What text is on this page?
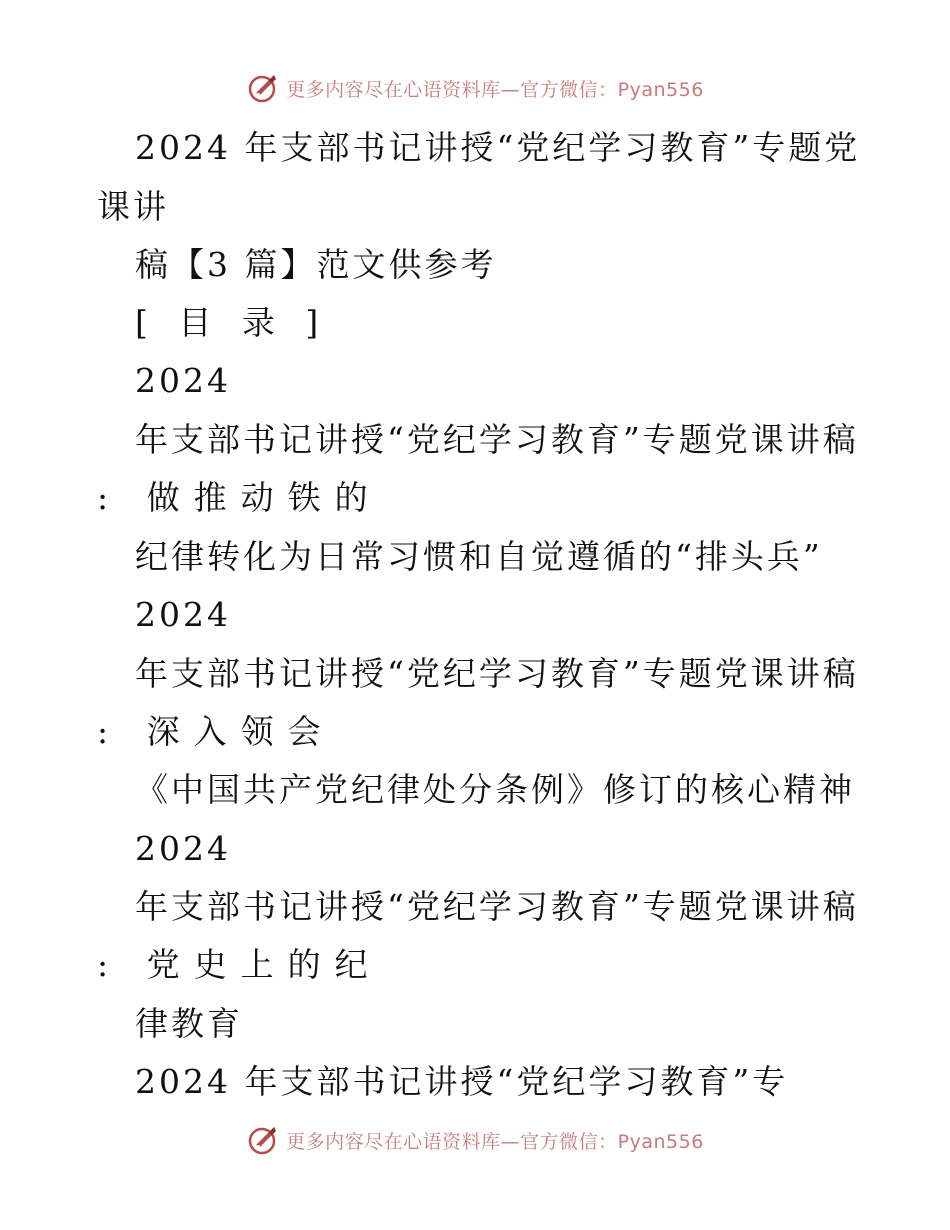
更多内容尽在心语资料库—官方微信：Pyan556
2024 年支部书记讲授“党纪学习教育”专题党
课讲
稿【3 篇】范文供参考
[ 目 录 ]
2024
年支部书记讲授“党纪学习教育”专题党课讲稿
: 做推动铁的
纪律转化为日常习惯和自觉遵循的“排头兵”
2024
年支部书记讲授“党纪学习教育”专题党课讲稿
: 深入领会
《中国共产党纪律处分条例》修订的核心精神
2024
年支部书记讲授“党纪学习教育”专题党课讲稿
: 党史上的纪
律教育
2024 年支部书记讲授“党纪学习教育”专
更多内容尽在心语资料库—官方微信：Pyan556
